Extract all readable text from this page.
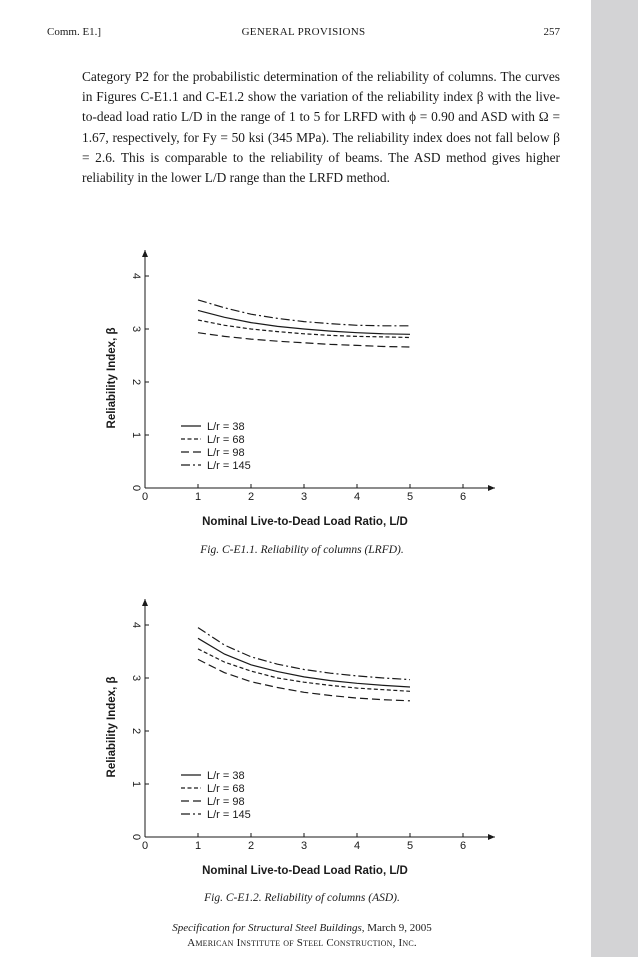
Comm. E1.]	GENERAL PROVISIONS	257

Category P2 for the probabilistic determination of the reliability of columns. The curves in Figures C-E1.1 and C-E1.2 show the variation of the reliability index β with the live-to-dead load ratio L/D in the range of 1 to 5 for LRFD with ϕ = 0.90 and ASD with Ω = 1.67, respectively, for Fy = 50 ksi (345 MPa). The reliability index does not fall below β = 2.6. This is comparable to the reliability of beams. The ASD method gives higher reliability in the lower L/D range than the LRFD method.

0	1	2	3	4	5	6
0
1
2
3
4
Nominal Live-to-Dead Load Ratio, L/D
Reliability Index, β	L/r = 38
L/r = 68
L/r = 98
L/r = 145
Fig. C-E1.1. Reliability of columns (LRFD).
0	1	2	3	4	5	6
0
1
2
3
4
Nominal Live-to-Dead Load Ratio, L/D
Reliability Index, β	L/r = 38
L/r = 68
L/r = 98
L/r = 145
Fig. C-E1.2. Reliability of columns (ASD).
Specification for Structural Steel Buildings, March 9, 2005
American Institute of Steel Construction, Inc.
